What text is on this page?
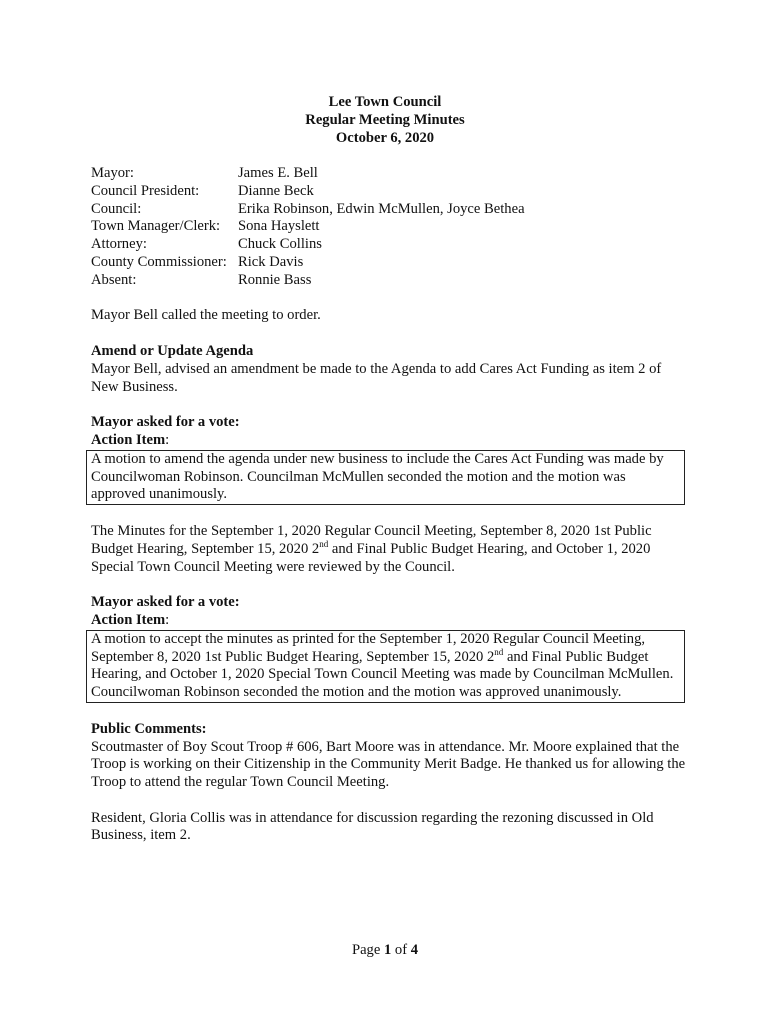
Lee Town Council
Regular Meeting Minutes
October 6, 2020
Mayor:	James E. Bell
Council President:	Dianne Beck
Council:	Erika Robinson, Edwin McMullen, Joyce Bethea
Town Manager/Clerk:	Sona Hayslett
Attorney:	Chuck Collins
County Commissioner: Rick Davis
Absent:	Ronnie Bass

Mayor Bell called the meeting to order.

Amend or Update Agenda

Mayor Bell, advised an amendment be made to the Agenda to add Cares Act Funding as item 2 of New Business.

Mayor asked for a vote:

Action Item:

A motion to amend the agenda under new business to include the Cares Act Funding was made by Councilwoman Robinson. Councilman McMullen seconded the motion and the motion was approved unanimously.

The Minutes for the September 1, 2020 Regular Council Meeting, September 8, 2020 1st Public Budget Hearing, September 15, 2020 2nd and Final Public Budget Hearing, and October 1, 2020 Special Town Council Meeting were reviewed by the Council.

Mayor asked for a vote:

Action Item:

A motion to accept the minutes as printed for the September 1, 2020 Regular Council Meeting, September 8, 2020 1st Public Budget Hearing, September 15, 2020 2nd and Final Public Budget Hearing, and October 1, 2020 Special Town Council Meeting was made by Councilman McMullen. Councilwoman Robinson seconded the motion and the motion was approved unanimously.

Public Comments:

Scoutmaster of Boy Scout Troop # 606, Bart Moore was in attendance. Mr. Moore explained that the Troop is working on their Citizenship in the Community Merit Badge. He thanked us for allowing the Troop to attend the regular Town Council Meeting.

Resident, Gloria Collis was in attendance for discussion regarding the rezoning discussed in Old Business, item 2.

Page 1 of 4
